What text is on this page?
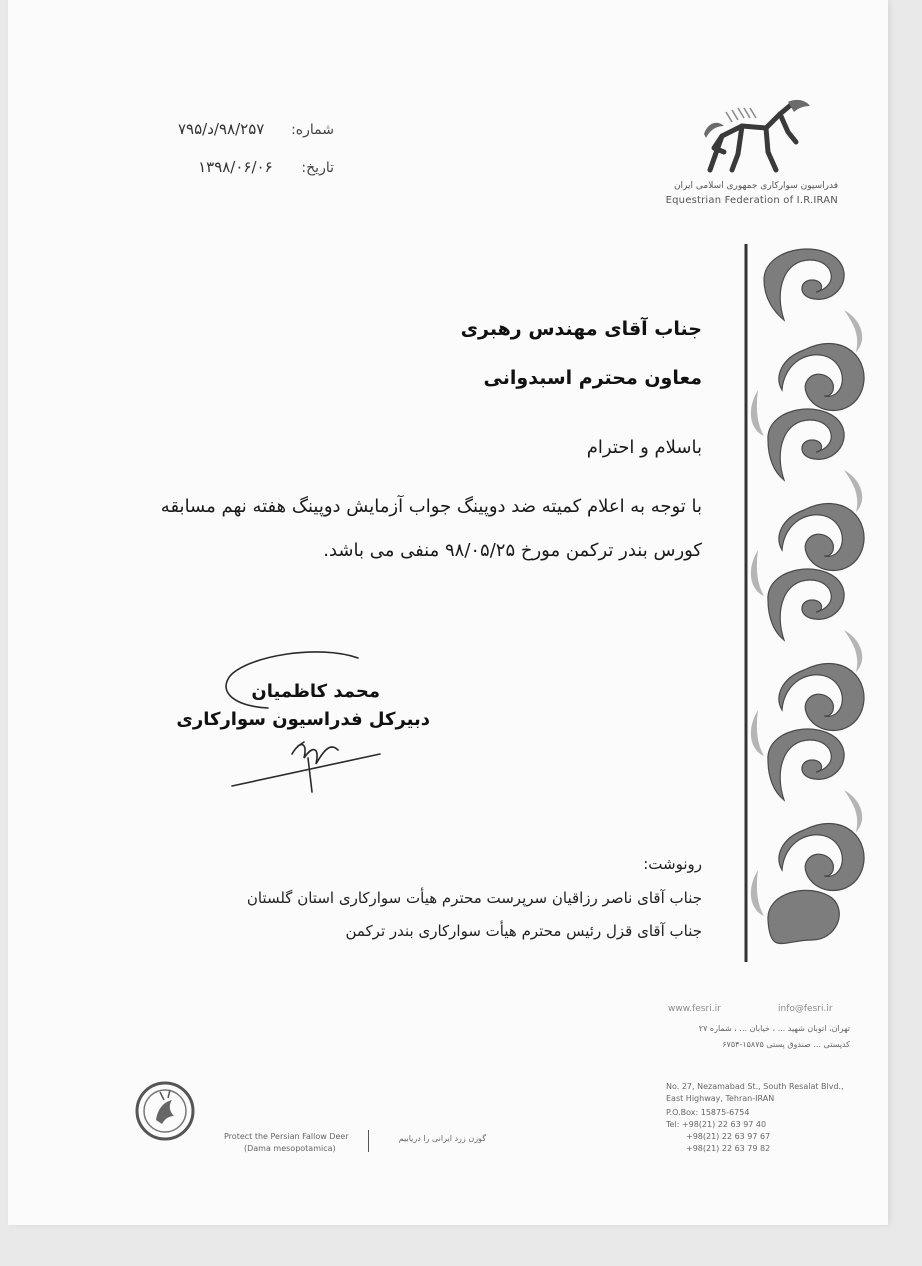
شماره: ۹۸/۲۵۷/د/۷۹۵
تاریخ: ۱۳۹۸/۰۶/۰۶
فدراسیون سوارکاری جمهوری اسلامی ایران
Equestrian Federation of I.R.IRAN
جناب آقای مهندس رهبری
معاون محترم اسبدوانی
باسلام و احترام
با توجه به اعلام کمیته ضد دوپینگ جواب آزمایش دوپینگ هفته نهم مسابقه
کورس بندر ترکمن مورخ ۹۸/۰۵/۲۵ منفی می باشد.
محمد کاظمیان
دبیرکل فدراسیون سوارکاری
رونوشت:
جناب آقای ناصر رزاقیان سرپرست محترم هیأت سوارکاری استان گلستان
جناب آقای قزل رئیس محترم هیأت سوارکاری بندر ترکمن
www.fesri.ir	info@fesri.ir
تهران، اتوبان شهید ... ، خیابان ... ، شماره ۲۷
کدپستی ... صندوق پستی ۱۵۸۷۵-۶۷۵۴
No. 27, Nezamabad St., South Resalat Blvd.,
East Highway, Tehran-IRAN
P.O.Box: 15875-6754
Tel: +98(21) 22 63 97 40
+98(21) 22 63 97 67
+98(21) 22 63 79 82
Protect the Persian Fallow Deer
(Dama mesopotamica)
گوزن زرد ایرانی را دریابیم
